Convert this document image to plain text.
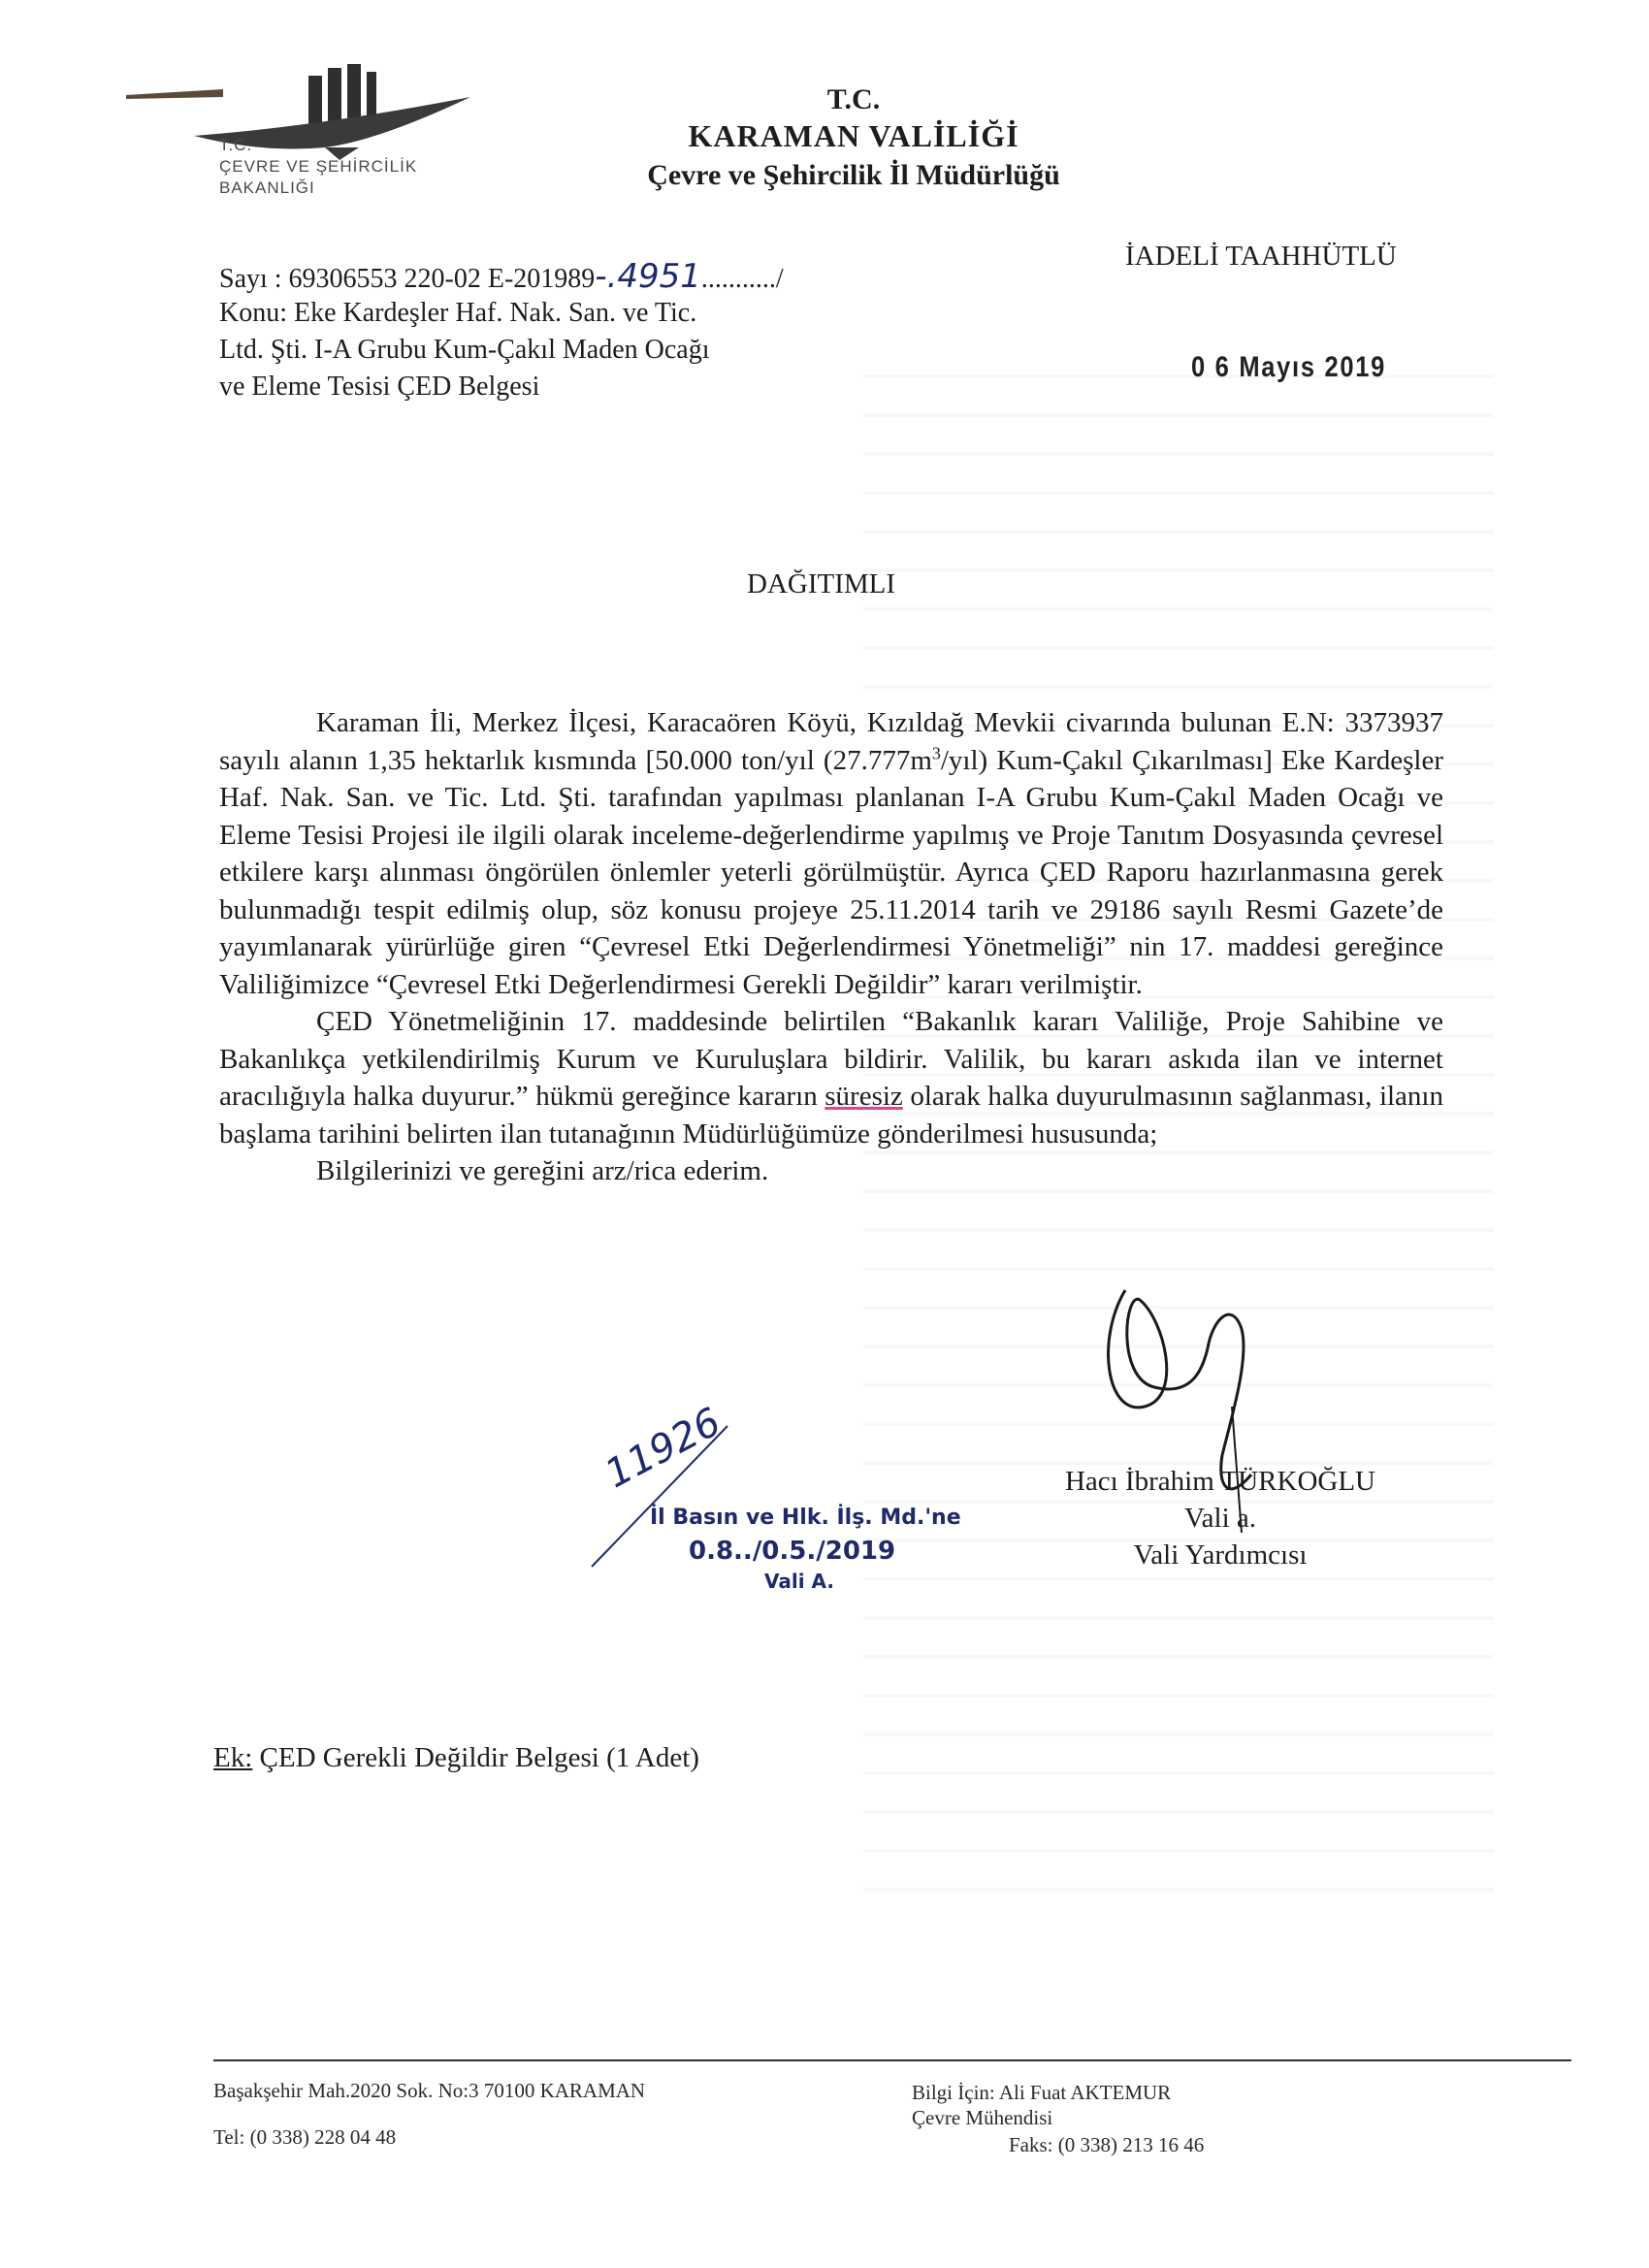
T.C.
ÇEVRE VE ŞEHİRCİLİK
BAKANLIĞI
T.C.
KARAMAN VALİLİĞİ
Çevre ve Şehircilik İl Müdürlüğü
Sayı : 69306553 220-02 E-201989-.4951.........../
Konu: Eke Kardeşler Haf. Nak. San. ve Tic.
Ltd. Şti. I-A Grubu Kum-Çakıl Maden Ocağı
ve Eleme Tesisi ÇED Belgesi
İADELİ TAAHHÜTLÜ
0 6 Mayıs 2019
DAĞITIMLI

Karaman İli, Merkez İlçesi, Karacaören Köyü, Kızıldağ Mevkii civarında bulunan E.N: 3373937 sayılı alanın 1,35 hektarlık kısmında [50.000 ton/yıl $(27.777m^3/yıl)$ Kum-Çakıl Çıkarılması] Eke Kardeşler Haf. Nak. San. ve Tic. Ltd. Şti. tarafından yapılması planlanan I-A Grubu Kum-Çakıl Maden Ocağı ve Eleme Tesisi Projesi ile ilgili olarak inceleme-değerlendirme yapılmış ve Proje Tanıtım Dosyasında çevresel etkilere karşı alınması öngörülen önlemler yeterli görülmüştür. Ayrıca ÇED Raporu hazırlanmasına gerek bulunmadığı tespit edilmiş olup, söz konusu projeye 25.11.2014 tarih ve 29186 sayılı Resmi Gazete’de yayımlanarak yürürlüğe giren “Çevresel Etki Değerlendirmesi Yönetmeliği” nin 17. maddesi gereğince Valiliğimizce “Çevresel Etki Değerlendirmesi Gerekli Değildir” kararı verilmiştir.

ÇED Yönetmeliğinin 17. maddesinde belirtilen “Bakanlık kararı Valiliğe, Proje Sahibine ve Bakanlıkça yetkilendirilmiş Kurum ve Kuruluşlara bildirir. Valilik, bu kararı askıda ilan ve internet aracılığıyla halka duyurur.” hükmü gereğince kararın süresiz olarak halka duyurulmasının sağlanması, ilanın başlama tarihini belirten ilan tutanağının Müdürlüğümüze gönderilmesi hususunda;

Bilgilerinizi ve gereğini arz/rica ederim.

Hacı İbrahim TÜRKOĞLU
Vali a.
Vali Yardımcısı
11926
İl Basın ve Hlk. İlş. Md.'ne
0.8../0.5./2019
Vali A.
Ek: ÇED Gerekli Değildir Belgesi (1 Adet)
Başakşehir Mah.2020 Sok. No:3 70100 KARAMAN
Tel: (0 338) 228 04 48
Bilgi İçin: Ali Fuat AKTEMUR
Çevre Mühendisi
Faks: (0 338) 213 16 46
